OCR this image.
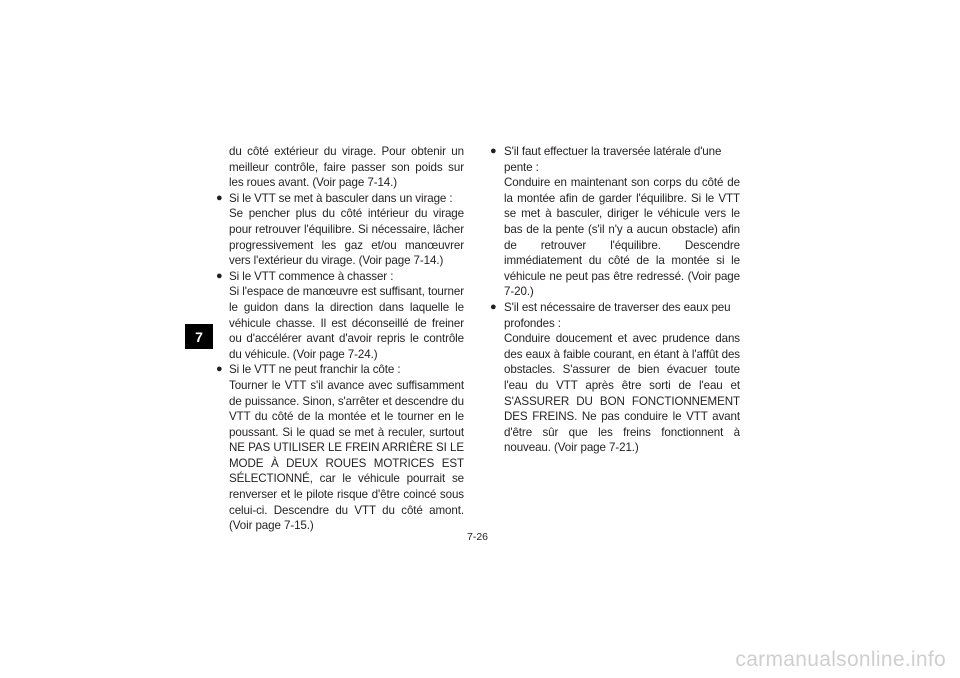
7

du côté extérieur du virage. Pour obtenir un meilleur contrôle, faire passer son poids sur les roues avant. (Voir page 7-14.)

● Si le VTT se met à basculer dans un virage :
Se pencher plus du côté intérieur du virage pour retrouver l'équilibre. Si nécessaire, lâcher progressivement les gaz et/ou manœuvrer vers l'extérieur du virage. (Voir page 7-14.)
● Si le VTT commence à chasser :
Si l'espace de manœuvre est suffisant, tourner le guidon dans la direction dans laquelle le véhicule chasse. Il est déconseillé de freiner ou d'accélérer avant d'avoir repris le contrôle du véhicule. (Voir page 7-24.)
● Si le VTT ne peut franchir la côte :
Tourner le VTT s'il avance avec suffisamment de puissance. Sinon, s'arrêter et descendre du VTT du côté de la montée et le tourner en le poussant. Si le quad se met à reculer, surtout NE PAS UTILISER LE FREIN ARRIÈRE SI LE MODE À DEUX ROUES MOTRICES EST SÉLECTIONNÉ, car le véhicule pourrait se renverser et le pilote risque d'être coincé sous celui-ci. Descendre du VTT du côté amont. (Voir page 7-15.)
● S'il faut effectuer la traversée latérale d'une pente :
Conduire en maintenant son corps du côté de la montée afin de garder l'équilibre. Si le VTT se met à basculer, diriger le véhicule vers le bas de la pente (s'il n'y a aucun obstacle) afin de retrouver l'équilibre. Descendre immédiatement du côté de la montée si le véhicule ne peut pas être redressé. (Voir page 7-20.)
● S'il est nécessaire de traverser des eaux peu profondes :
Conduire doucement et avec prudence dans des eaux à faible courant, en étant à l'affût des obstacles. S'assurer de bien évacuer toute l'eau du VTT après être sorti de l'eau et S'ASSURER DU BON FONCTIONNEMENT DES FREINS. Ne pas conduire le VTT avant d'être sûr que les freins fonctionnent à nouveau. (Voir page 7-21.)
7-26
carmanualsonline.info
